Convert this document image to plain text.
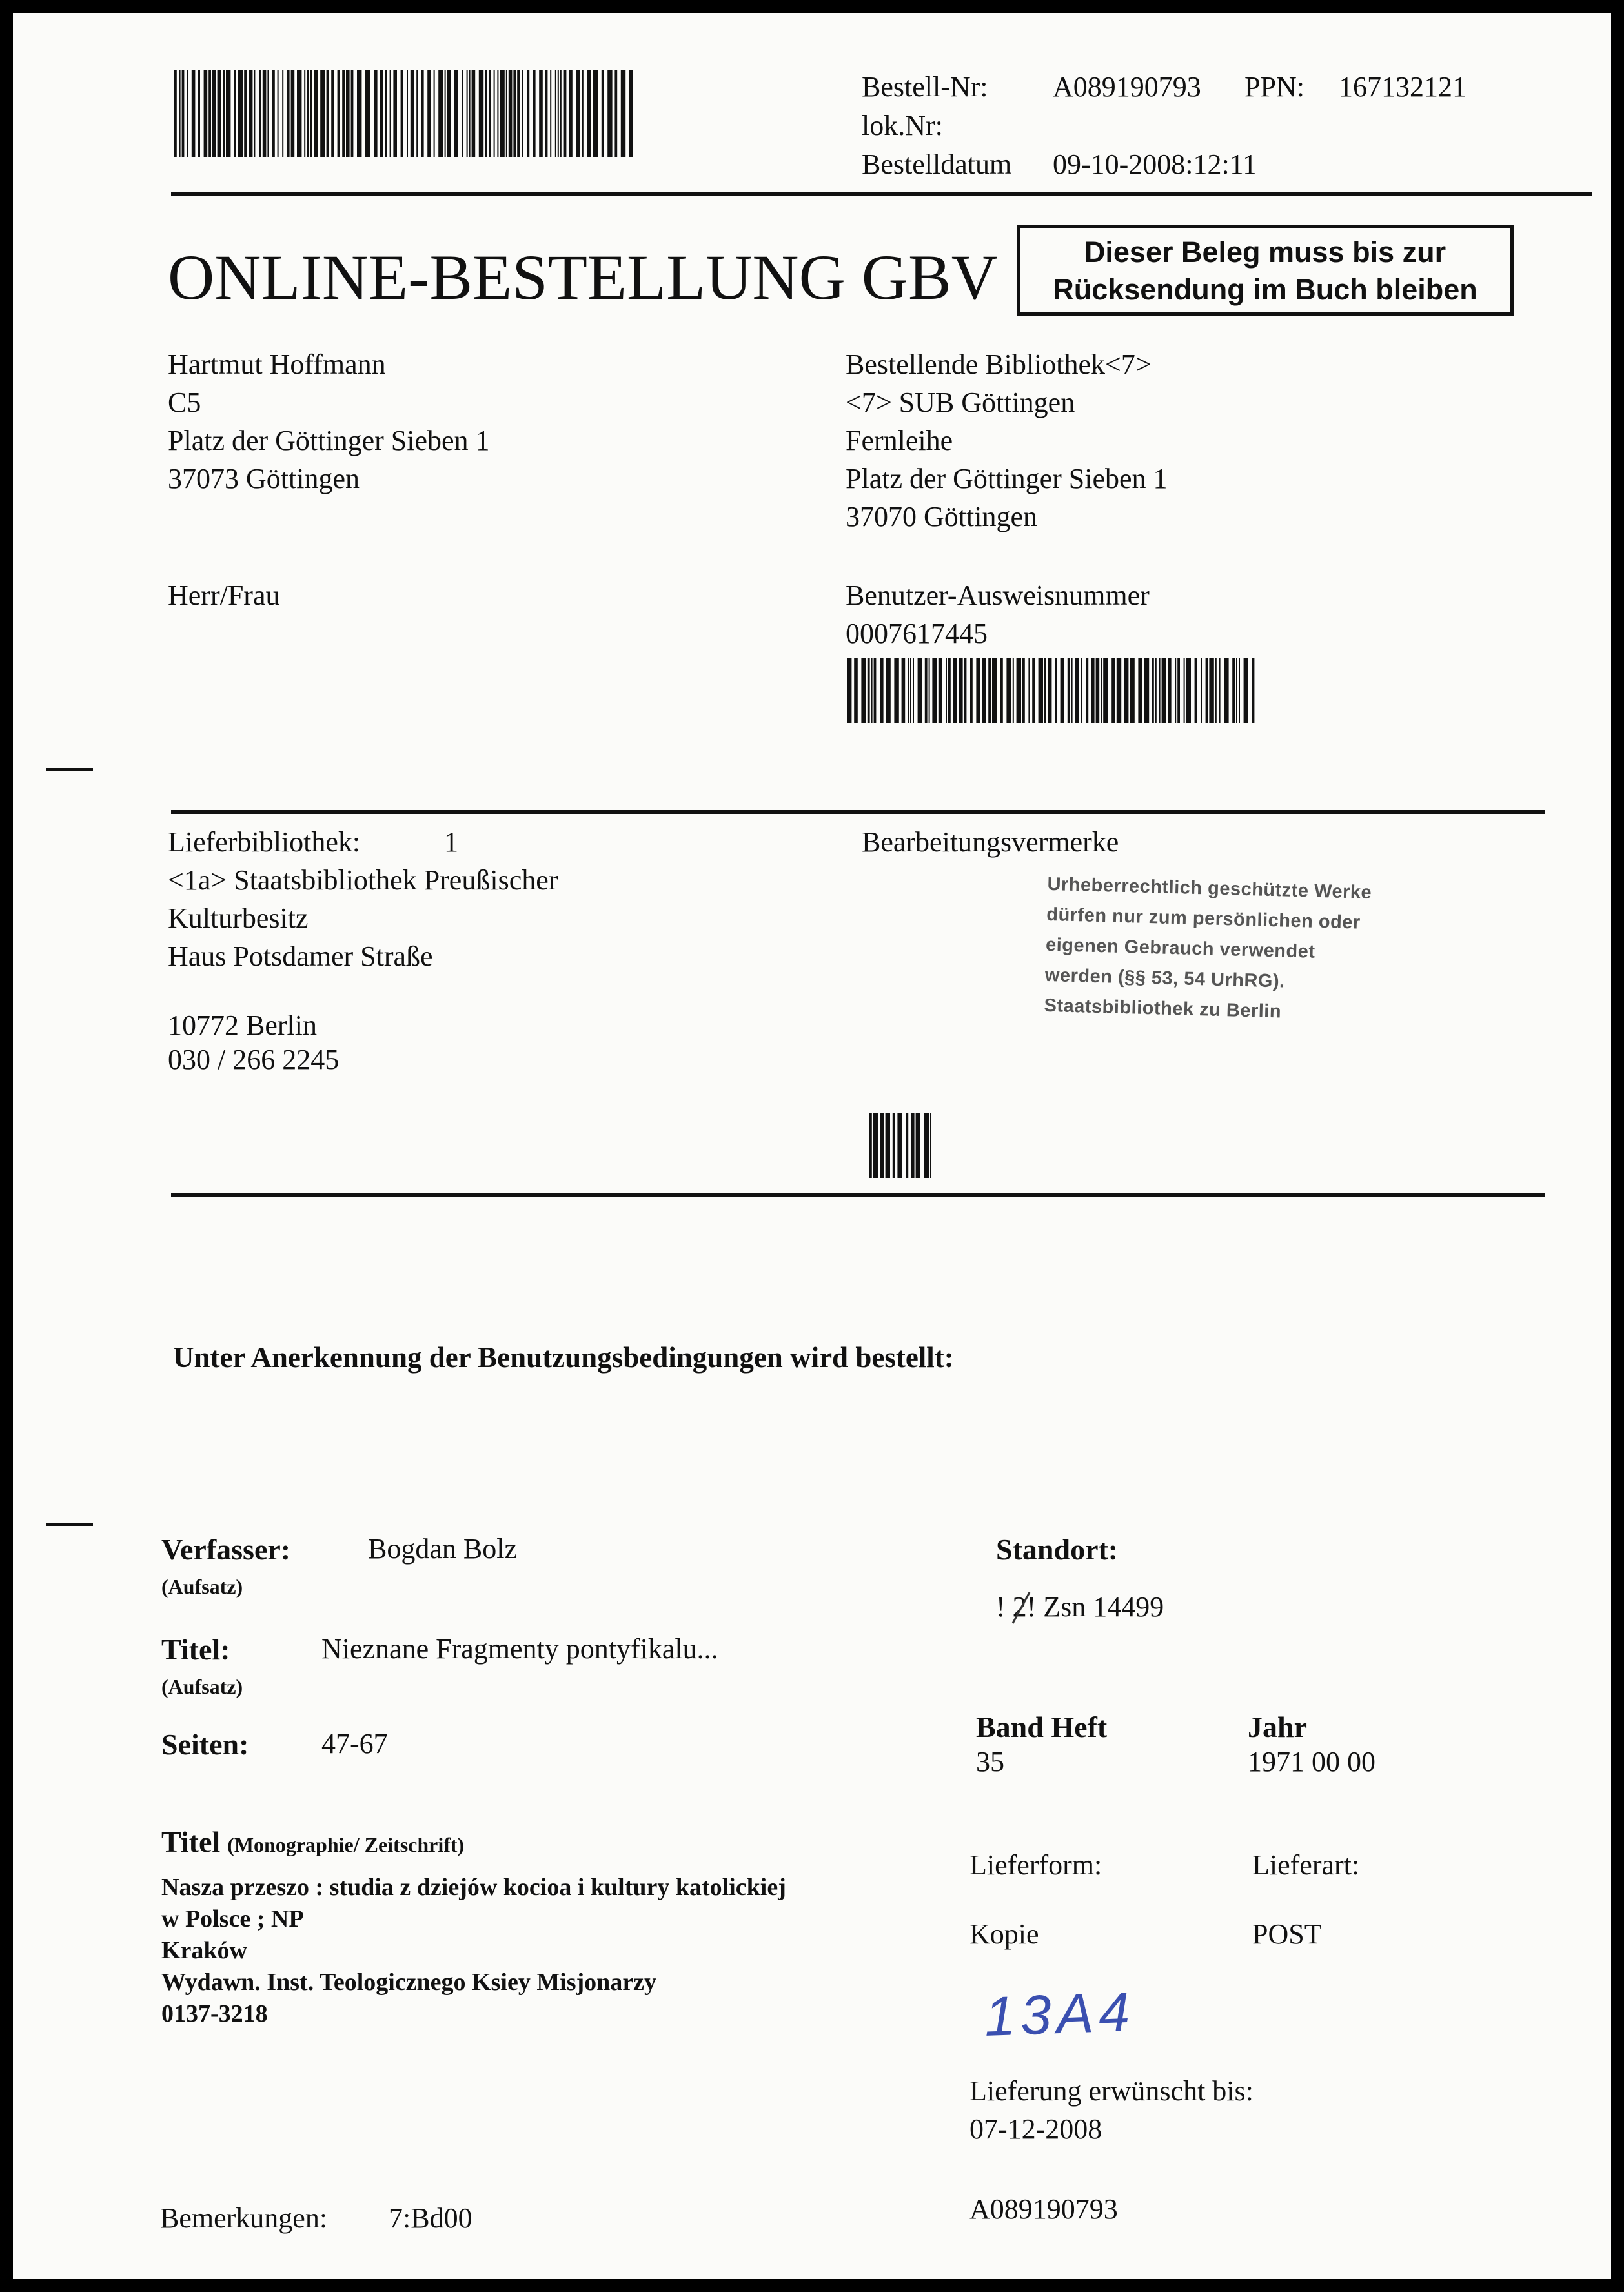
Bestell-Nr: A089190793 PPN: 167132121
lok.Nr:
Bestelldatum 09-10-2008:12:11
ONLINE-BESTELLUNG GBV	Dieser Beleg muss bis zur
Rücksendung im Buch bleiben
Hartmut Hoffmann
C5
Platz der Göttinger Sieben 1
37073 Göttingen
Herr/Frau
Bestellende Bibliothek<7>
<7> SUB Göttingen
Fernleihe
Platz der Göttinger Sieben 1
37070 Göttingen
Benutzer-Ausweisnummer
0007617445
Lieferbibliothek:	1
<1a> Staatsbibliothek Preußischer
Kulturbesitz
Haus Potsdamer Straße
10772 Berlin
030 / 266 2245
Bearbeitungsvermerke
Urheberrechtlich geschützte Werke
dürfen nur zum persönlichen oder
eigenen Gebrauch verwendet
werden (§§ 53, 54 UrhRG).
Staatsbibliothek zu Berlin
Unter Anerkennung der Benutzungsbedingungen wird bestellt:
Verfasser:
(Aufsatz)
Bogdan Bolz
Titel:
(Aufsatz)
Nieznane Fragmenty pontyfikalu...
Seiten:	47-67
Titel (Monographie/ Zeitschrift)
Nasza przeszo : studia z dziejów kocioa i kultury katolickiej
w Polsce ; NP
Kraków
Wydawn. Inst. Teologicznego Ksiey Misjonarzy
0137-3218
Bemerkungen: 7:Bd00
Standort:
! 2
! Zsn 14499
Band Heft
35
Jahr
1971 00 00
Lieferform:
Kopie
Lieferart:
POST
13A4
Lieferung erwünscht bis:
07-12-2008
A089190793
